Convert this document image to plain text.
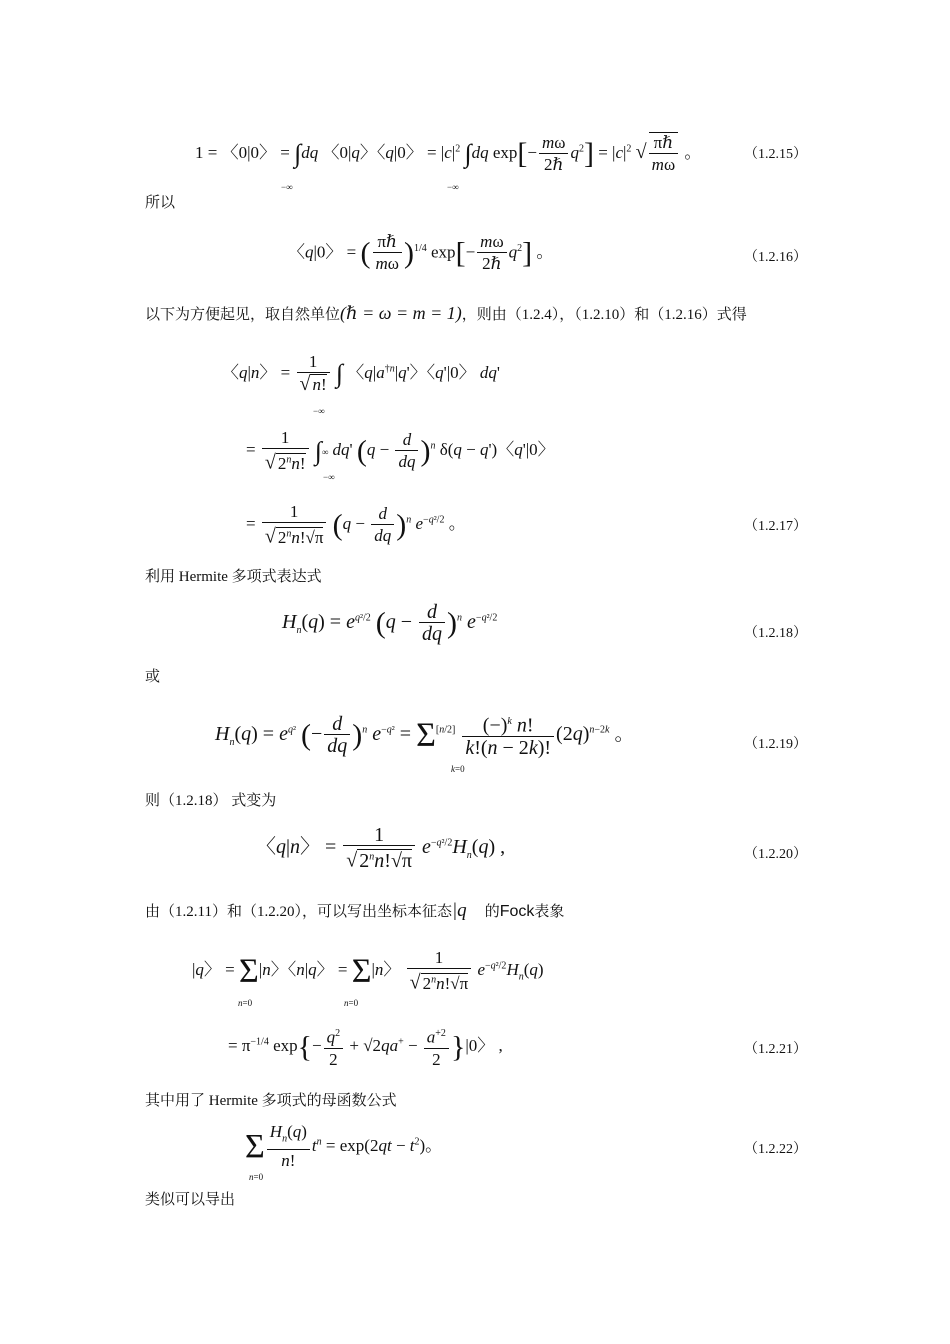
1 = 〈0|0〉 = ∫dq 〈0|q〉〈q|0〉 = $|c|^2$ ∫dq $\exp[- \frac{m\omega}{\text{2ℏ}} q^2] = |c|^2$ √ $\frac{\text{πℏ}}{m\omega}$ 。
−∞	−∞
（1.2.15）
所以
〈q|0〉 = ( $\frac{\text{πℏ}}{m\omega} )^{1/4}$ $\exp[- \frac{m\omega}{\text{2ℏ}} q^2]$ 。	（1.2.16）
以下为方便起见，取自然单位(ℏ = ω = m = 1)，则由（1.2.4），（1.2.10）和（1.2.16）式得
〈q|n〉 = $\frac{1}{√ n!}$ ∫ 〈$q|a^{\dagger n}|q'$〉〈q'|0〉 dq'
−∞
= $\frac{1}{√ 2^nn!}$ ∫∞ dq' $(q - \frac{d}{dq} )^n$ δ(q − q')〈q'|0〉
−∞
= $\frac{1}{√ 2^nn!√\pi} (q - \frac{d}{dq} )^n$ $e^{-q^2/2}$ 。	（1.2.17）
利用 Hermite 多项式表达式
$H_n(q) = e^{q^2/2}$ $(q - \frac{d}{dq} )^n$ $e^{-q^2/2}$
（1.2.18）
或
$H_n(q) = e^{q^2}$ (− $\frac{d}{dq} )^n$ $e^{-q^2} = \Sigma[n/2] \frac{(-)^k n!}{k!(n - 2k)!} (2q)^{n-2k}$ 。
k=0
（1.2.19）
则（1.2.18） 式变为
〈q|n〉 = $\frac{1}{√ 2^nn!√\pi} e^{-q^2/2}H_n(q)$ ,	（1.2.20）
由（1.2.11）和（1.2.20），可以写出坐标本征态|q 的Fock表象
|q〉 = Σ|n〉〈n|q〉 = Σ|n〉 $\frac{1}{√ 2^nn!√\pi} e^{-q^2/2}H_n(q)$
n=0	n=0
= $\pi^{-1/4}$ $\exp\{- \frac{q^2}{2} + √2qa^+ - \frac{a^{+2}}{2} \}|0$〉 ,	（1.2.21）
其中用了 Hermite 多项式的母函数公式
Σ $\frac{H_n(q)}{n!} t^n = \exp(2qt - t^2)$。
n=0
（1.2.22）
类似可以导出
